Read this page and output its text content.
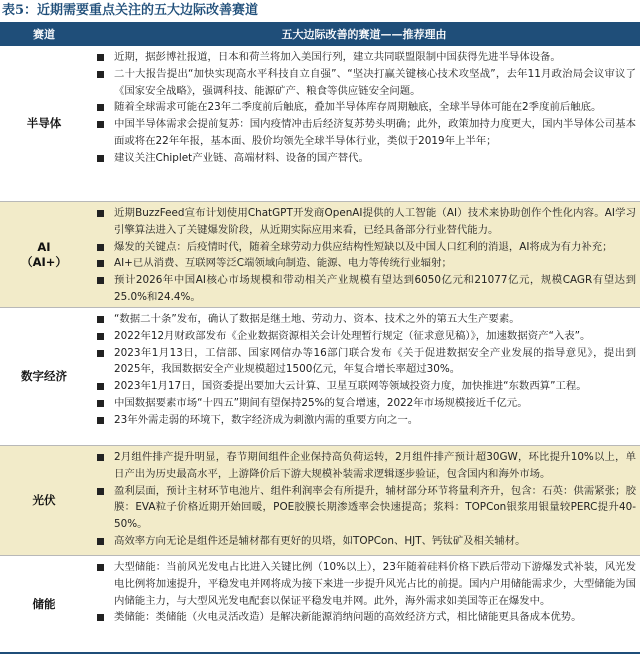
表5：近期需要重点关注的五大边际改善赛道
赛道	五大边际改善的赛道——推荐理由
半导体
近期，据彭博社报道，日本和荷兰将加入美国行列，建立共同联盟限制中国获得先进半导体设备。
二十大报告提出“加快实现高水平科技自立自强”、“坚决打赢关键核心技术攻坚战”，去年11月政治局会议审议了《国家安全战略》，强调科技、能源矿产、粮食等供应链安全问题。
随着全球需求可能在23年二季度前后触底，叠加半导体库存周期触底，全球半导体可能在2季度前后触底。
中国半导体需求会提前复苏：国内疫情冲击后经济复苏势头明确；此外，政策加持力度更大，国内半导体公司基本面或将在22年年报，基本面、股价均领先全球半导体行业，类似于2019年上半年；
建议关注Chiplet产业链、高端材料、设备的国产替代。
AI
（AI+）
近期BuzzFeed宣布计划使用ChatGPT开发商OpenAI提供的人工智能（AI）技术来协助创作个性化内容。AI学习引擎算法进入了关键爆发阶段，从近期实际应用来看，已经具备部分行业替代能力。
爆发的关键点：后疫情时代，随着全球劳动力供应结构性短缺以及中国人口红利的消退，AI将成为有力补充；
AI+已从消费、互联网等泛C端领域向制造、能源、电力等传统行业辐射；
预计2026年中国AI核心市场规模和带动相关产业规模有望达到6050亿元和21077亿元，规模CAGR有望达到25.0%和24.4%。
数字经济
“数据二十条”发布，确认了数据是继土地、劳动力、资本、技术之外的第五大生产要素。
2022年12月财政部发布《企业数据资源相关会计处理暂行规定（征求意见稿）》，加速数据资产“入表”。
2023年1月13日，工信部、国家网信办等16部门联合发布《关于促进数据安全产业发展的指导意见》，提出到2025年，我国数据安全产业规模超过1500亿元，年复合增长率超过30%。
2023年1月17日，国资委提出要加大云计算、卫星互联网等领域投资力度，加快推进“东数西算”工程。
中国数据要素市场“十四五”期间有望保持25%的复合增速，2022年市场规模接近千亿元。
23年外需走弱的环境下，数字经济成为刺激内需的重要方向之一。
光伏
2月组件排产提升明显，春节期间组件企业保持高负荷运转，2月组件排产预计超30GW，环比提升10%以上，单日产出为历史最高水平，上游降价后下游大规模补装需求逻辑逐步验证，包含国内和海外市场。
盈利层面，预计主材环节电池片、组件利润率会有所提升，辅材部分环节将量利齐升，包含：石英：供需紧张；胶膜：EVA粒子价格近期开始回暖，POE胶膜长期渗透率会快速提高；浆料：TOPCon银浆用银量较PERC提升40-50%。
高效率方向无论是组件还是辅材都有更好的贝塔，如TOPCon、HJT、钙钛矿及相关辅材。
储能
大型储能：当前风光发电占比进入关键比例（10%以上），23年随着硅料价格下跌后带动下游爆发式补装，风光发电比例将加速提升，平稳发电并网将成为接下来进一步提升风光占比的前提。国内户用储能需求少，大型储能为国内储能主力，与大型风光发电配套以保证平稳发电并网。此外，海外需求如美国等正在爆发中。
类储能：类储能（火电灵活改造）是解决新能源消纳问题的高效经济方式，相比储能更具备成本优势。
